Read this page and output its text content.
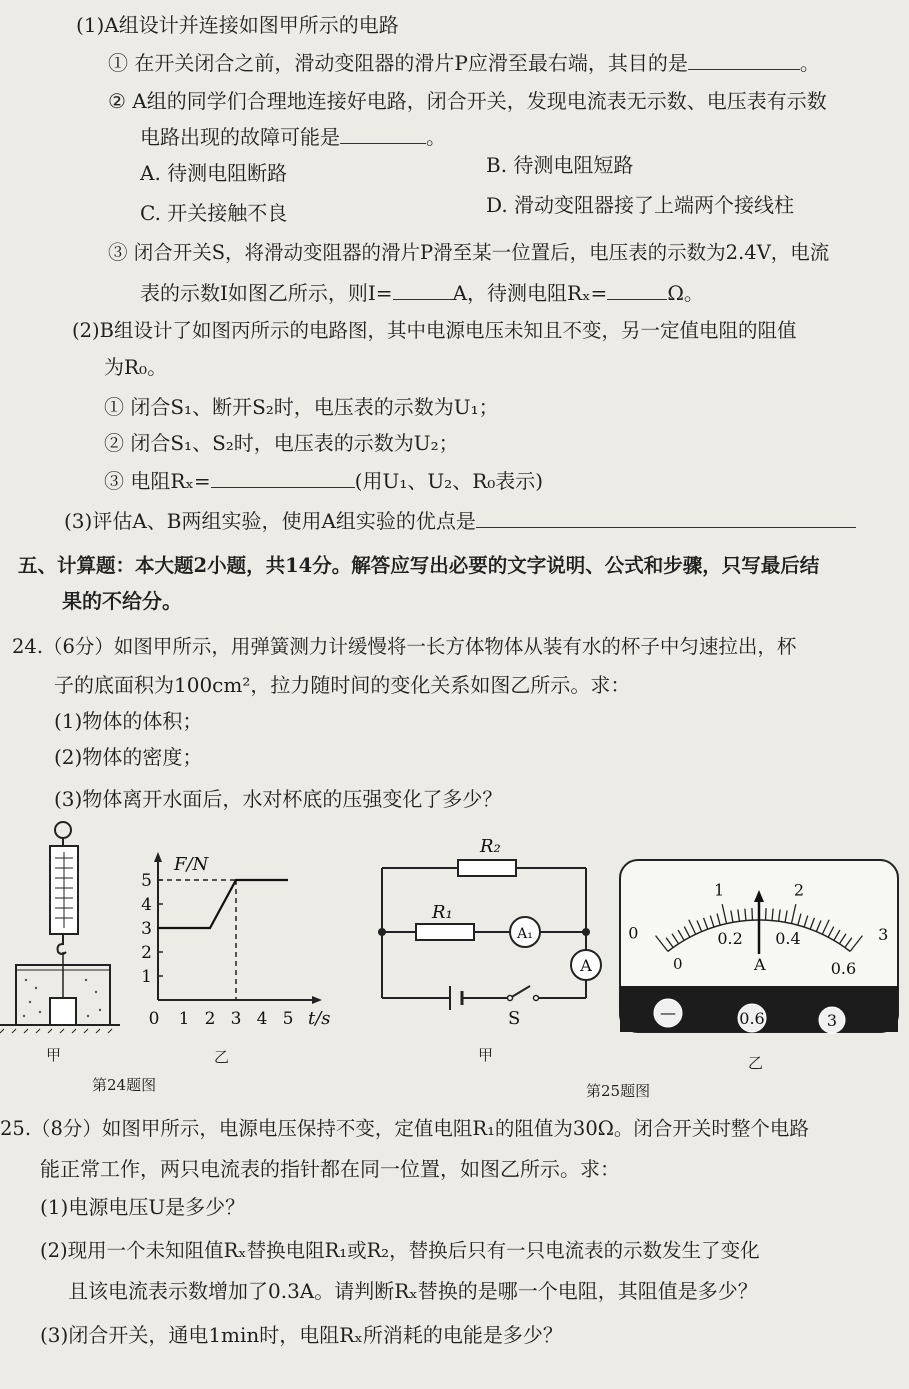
(1)A组设计并连接如图甲所示的电路
① 在开关闭合之前，滑动变阻器的滑片P应滑至最右端，其目的是	。
② A组的同学们合理地连接好电路，闭合开关，发现电流表无示数、电压表有示数
电路出现的故障可能是	。
A. 待测电阻断路	B. 待测电阻短路
C. 开关接触不良	D. 滑动变阻器接了上端两个接线柱
③ 闭合开关S，将滑动变阻器的滑片P滑至某一位置后，电压表的示数为2.4V，电流
表的示数I如图乙所示，则I=	A，待测电阻Rₓ=	Ω。
(2)B组设计了如图丙所示的电路图，其中电源电压未知且不变，另一定值电阻的阻值
为R₀。
① 闭合S₁、断开S₂时，电压表的示数为U₁；
② 闭合S₁、S₂时，电压表的示数为U₂；
③ 电阻Rₓ=	(用U₁、U₂、R₀表示)
(3)评估A、B两组实验，使用A组实验的优点是
五、计算题：本大题2小题，共14分。解答应写出必要的文字说明、公式和步骤，只写最后结
果的不给分。
24.（6分）如图甲所示，用弹簧测力计缓慢将一长方体物体从装有水的杯子中匀速拉出，杯
子的底面积为100cm²，拉力随时间的变化关系如图乙所示。求：
(1)物体的体积；
(2)物体的密度；
(3)物体离开水面后，水对杯底的压强变化了多少？
甲
F/N
t/s
0 1 2 3 4 5
1
2
3
4
5
乙
第24题图
R₂
R₁
A₁
A
S
甲
0
1	2
3
0
0.2 0.4
0.6
A
—	0.6	3
乙
第25题图
25.（8分）如图甲所示，电源电压保持不变，定值电阻R₁的阻值为30Ω。闭合开关时整个电路
能正常工作，两只电流表的指针都在同一位置，如图乙所示。求：
(1)电源电压U是多少？
(2)现用一个未知阻值Rₓ替换电阻R₁或R₂，替换后只有一只电流表的示数发生了变化
且该电流表示数增加了0.3A。请判断Rₓ替换的是哪一个电阻，其阻值是多少？
(3)闭合开关，通电1min时，电阻Rₓ所消耗的电能是多少？
